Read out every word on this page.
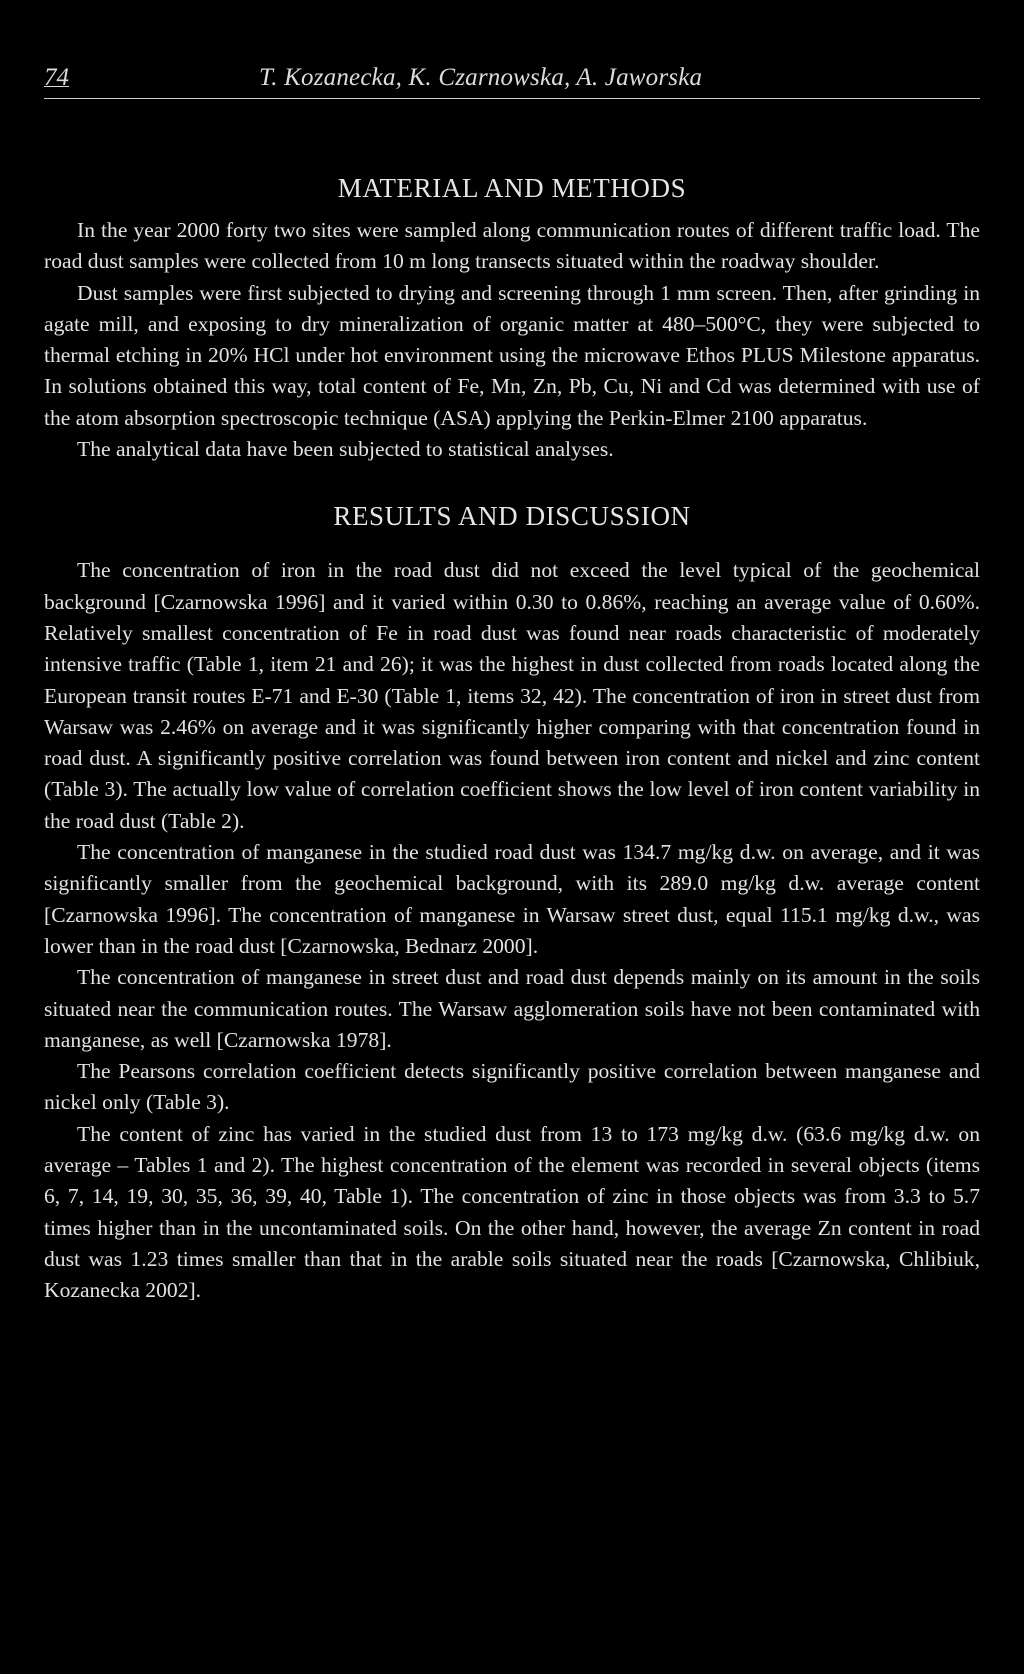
74	T. Kozanecka, K. Czarnowska, A. Jaworska
MATERIAL AND METHODS

In the year 2000 forty two sites were sampled along communication routes of different traffic load. The road dust samples were collected from 10 m long transects situated within the roadway shoulder.

Dust samples were first subjected to drying and screening through 1 mm screen. Then, after grinding in agate mill, and exposing to dry mineralization of organic matter at 480–500°C, they were subjected to thermal etching in 20% HCl under hot environment using the microwave Ethos PLUS Milestone apparatus. In solutions obtained this way, total content of Fe, Mn, Zn, Pb, Cu, Ni and Cd was determined with use of the atom absorption spectroscopic technique (ASA) applying the Perkin-Elmer 2100 apparatus.

The analytical data have been subjected to statistical analyses.

RESULTS AND DISCUSSION

The concentration of iron in the road dust did not exceed the level typical of the geochemical background [Czarnowska 1996] and it varied within 0.30 to 0.86%, reaching an average value of 0.60%. Relatively smallest concentration of Fe in road dust was found near roads characteristic of moderately intensive traffic (Table 1, item 21 and 26); it was the highest in dust collected from roads located along the European transit routes E-71 and E-30 (Table 1, items 32, 42). The concentration of iron in street dust from Warsaw was 2.46% on average and it was significantly higher comparing with that concentration found in road dust. A significantly positive correlation was found between iron content and nickel and zinc content (Table 3). The actually low value of correlation coefficient shows the low level of iron content variability in the road dust (Table 2).

The concentration of manganese in the studied road dust was 134.7 mg/kg d.w. on average, and it was significantly smaller from the geochemical background, with its 289.0 mg/kg d.w. average content [Czarnowska 1996]. The concentration of manganese in Warsaw street dust, equal 115.1 mg/kg d.w., was lower than in the road dust [Czarnowska, Bednarz 2000].

The concentration of manganese in street dust and road dust depends mainly on its amount in the soils situated near the communication routes. The Warsaw agglomeration soils have not been contaminated with manganese, as well [Czarnowska 1978].

The Pearsons correlation coefficient detects significantly positive correlation between manganese and nickel only (Table 3).

The content of zinc has varied in the studied dust from 13 to 173 mg/kg d.w. (63.6 mg/kg d.w. on average – Tables 1 and 2). The highest concentration of the element was recorded in several objects (items 6, 7, 14, 19, 30, 35, 36, 39, 40, Table 1). The concentration of zinc in those objects was from 3.3 to 5.7 times higher than in the uncontaminated soils. On the other hand, however, the average Zn content in road dust was 1.23 times smaller than that in the arable soils situated near the roads [Czarnowska, Chlibiuk, Kozanecka 2002].
